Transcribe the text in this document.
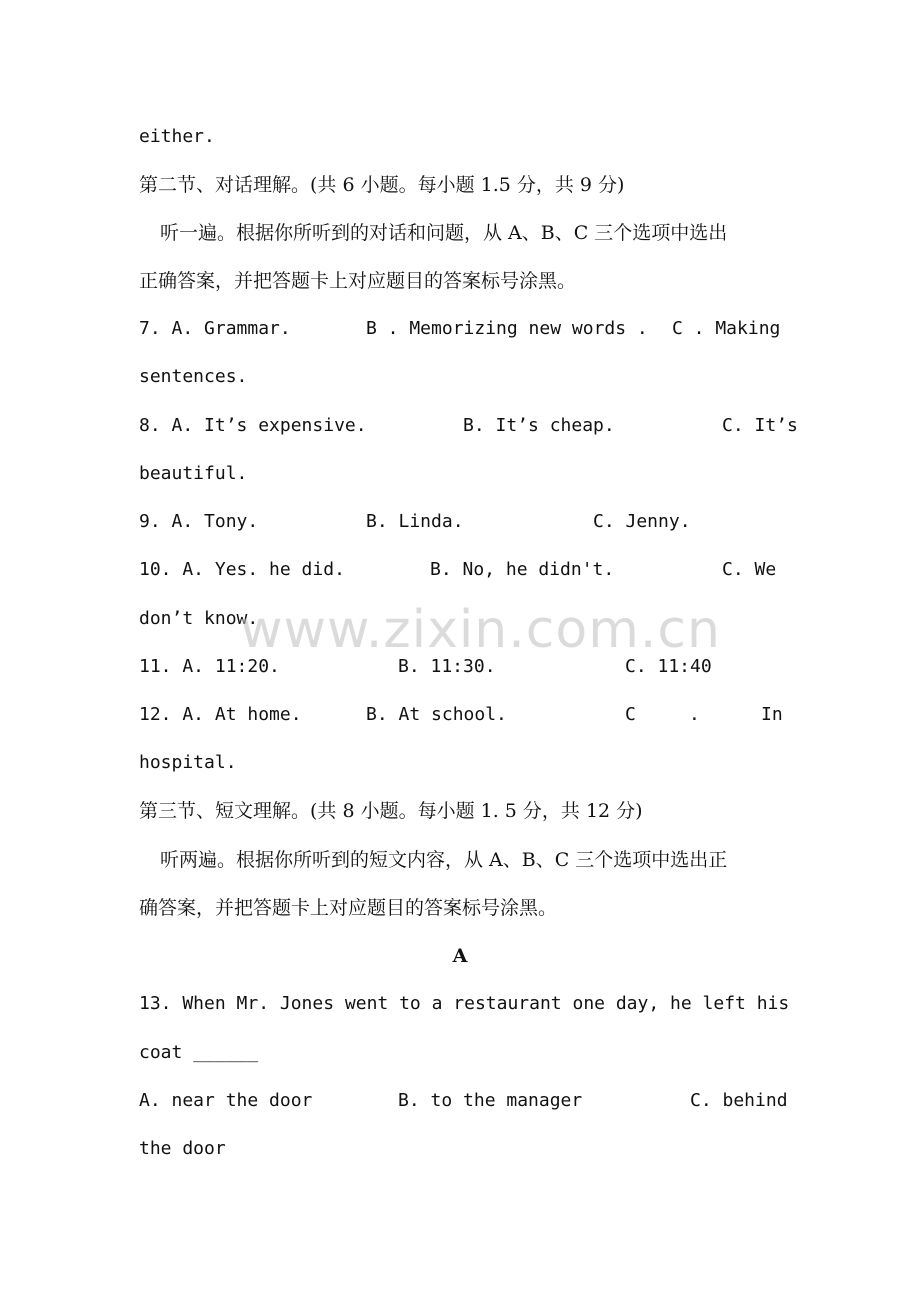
either.
第二节、对话理解。(共 6 小题。每小题 1.5 分，共 9 分)
听一遍。根据你所听到的对话和问题，从 A、B、C 三个选项中选出
正确答案，并把答题卡上对应题目的答案标号涂黑。
7. A. Grammar.	B . Memorizing new words . C . Making
sentences.
8. A. It’s expensive.	B. It’s cheap.	C. It’s
beautiful.
9. A. Tony.	B. Linda.	C. Jenny.
10. A. Yes. he did.	B. No, he didn't.	C. We
don’t know.
11. A. 11:20.	B. 11:30.	C. 11:40
12. A. At home.	B. At school.	C	.	In
hospital.
第三节、短文理解。(共 8 小题。每小题 1. 5 分，共 12 分)
听两遍。根据你所听到的短文内容，从 A、B、C 三个选项中选出正
确答案，并把答题卡上对应题目的答案标号涂黑。
A
13. When Mr. Jones went to a restaurant one day, he left his
coat ______
A. near the door	B. to the manager	C. behind
the door
www.zixin.com.cn
